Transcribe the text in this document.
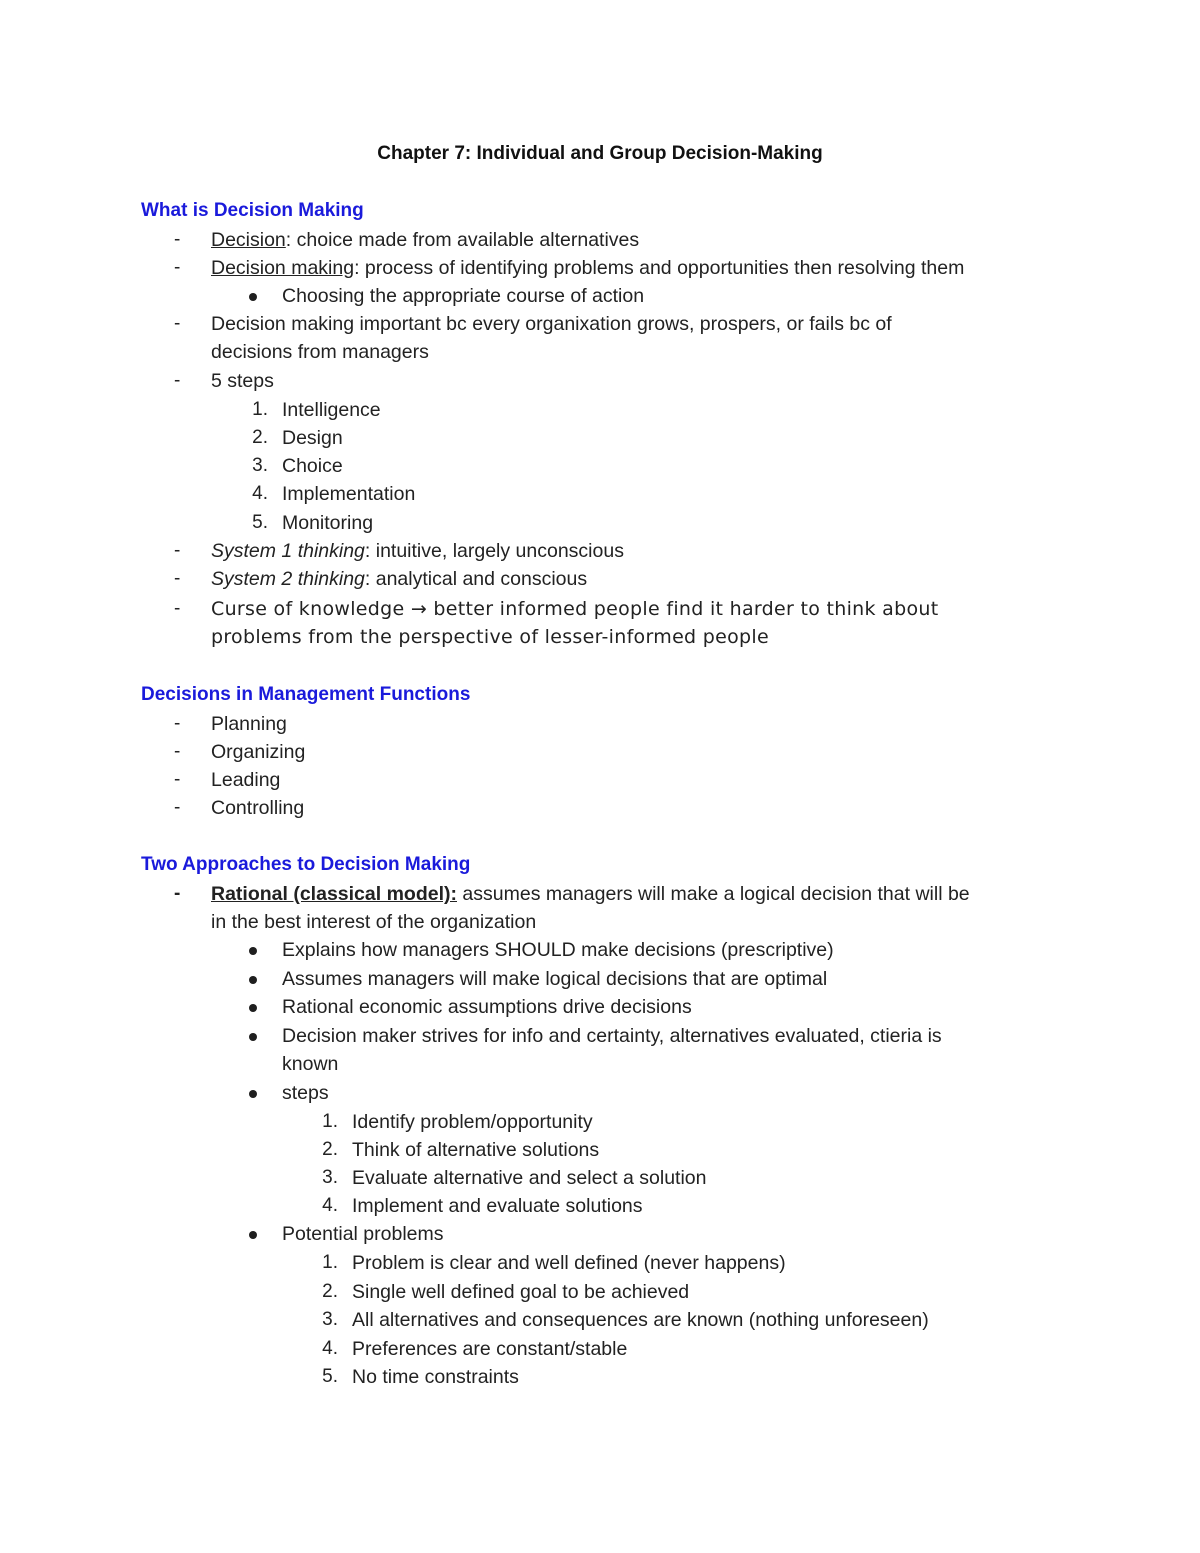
Chapter 7: Individual and Group Decision-Making
What is Decision Making
- Decision: choice made from available alternatives
- Decision making: process of identifying problems and opportunities then resolving them
Choosing the appropriate course of action
- Decision making important bc every organixation grows, prospers, or fails bc of
decisions from managers
- 5 steps
1. Intelligence
2. Design
3. Choice
4. Implementation
5. Monitoring
- System 1 thinking: intuitive, largely unconscious
- System 2 thinking: analytical and conscious
- Curse of knowledge → better informed people find it harder to think about
problems from the perspective of lesser-informed people
Decisions in Management Functions
- Planning
- Organizing
- Leading
- Controlling
Two Approaches to Decision Making
- Rational (classical model): assumes managers will make a logical decision that will be
in the best interest of the organization
Explains how managers SHOULD make decisions (prescriptive)
Assumes managers will make logical decisions that are optimal
Rational economic assumptions drive decisions
Decision maker strives for info and certainty, alternatives evaluated, ctieria is
known
steps
1. Identify problem/opportunity
2. Think of alternative solutions
3. Evaluate alternative and select a solution
4. Implement and evaluate solutions
Potential problems
1. Problem is clear and well defined (never happens)
2. Single well defined goal to be achieved
3. All alternatives and consequences are known (nothing unforeseen)
4. Preferences are constant/stable
5. No time constraints
